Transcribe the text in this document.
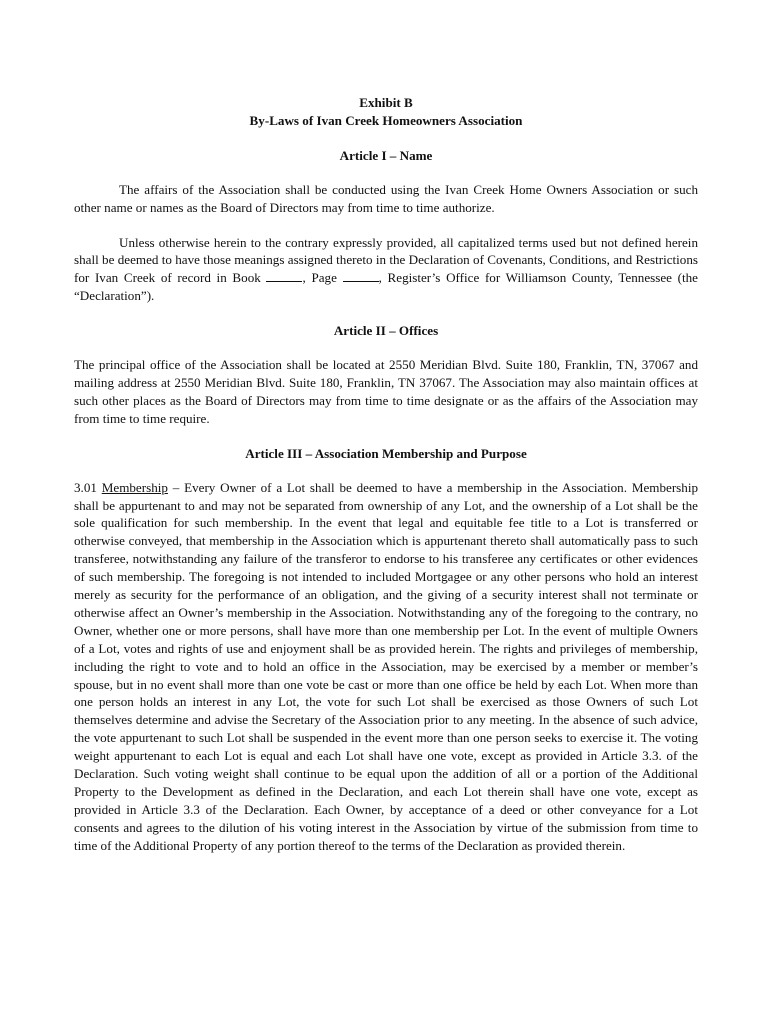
Exhibit B
By-Laws of Ivan Creek Homeowners Association
Article I – Name

The affairs of the Association shall be conducted using the Ivan Creek Home Owners Association or such other name or names as the Board of Directors may from time to time authorize.

Unless otherwise herein to the contrary expressly provided, all capitalized terms used but not defined herein shall be deemed to have those meanings assigned thereto in the Declaration of Covenants, Conditions, and Restrictions for Ivan Creek of record in Book	, Page	, Register’s Office for Williamson County, Tennessee (the “Declaration”).

Article II – Offices

The principal office of the Association shall be located at 2550 Meridian Blvd. Suite 180, Franklin, TN, 37067 and mailing address at 2550 Meridian Blvd. Suite 180, Franklin, TN 37067. The Association may also maintain offices at such other places as the Board of Directors may from time to time designate or as the affairs of the Association may from time to time require.

Article III – Association Membership and Purpose

3.01 Membership – Every Owner of a Lot shall be deemed to have a membership in the Association. Membership shall be appurtenant to and may not be separated from ownership of any Lot, and the ownership of a Lot shall be the sole qualification for such membership. In the event that legal and equitable fee title to a Lot is transferred or otherwise conveyed, that membership in the Association which is appurtenant thereto shall automatically pass to such transferee, notwithstanding any failure of the transferor to endorse to his transferee any certificates or other evidences of such membership. The foregoing is not intended to included Mortgagee or any other persons who hold an interest merely as security for the performance of an obligation, and the giving of a security interest shall not terminate or otherwise affect an Owner’s membership in the Association. Notwithstanding any of the foregoing to the contrary, no Owner, whether one or more persons, shall have more than one membership per Lot. In the event of multiple Owners of a Lot, votes and rights of use and enjoyment shall be as provided herein. The rights and privileges of membership, including the right to vote and to hold an office in the Association, may be exercised by a member or member’s spouse, but in no event shall more than one vote be cast or more than one office be held by each Lot. When more than one person holds an interest in any Lot, the vote for such Lot shall be exercised as those Owners of such Lot themselves determine and advise the Secretary of the Association prior to any meeting. In the absence of such advice, the vote appurtenant to such Lot shall be suspended in the event more than one person seeks to exercise it. The voting weight appurtenant to each Lot is equal and each Lot shall have one vote, except as provided in Article 3.3. of the Declaration. Such voting weight shall continue to be equal upon the addition of all or a portion of the Additional Property to the Development as defined in the Declaration, and each Lot therein shall have one vote, except as provided in Article 3.3 of the Declaration. Each Owner, by acceptance of a deed or other conveyance for a Lot consents and agrees to the dilution of his voting interest in the Association by virtue of the submission from time to time of the Additional Property of any portion thereof to the terms of the Declaration as provided therein.
